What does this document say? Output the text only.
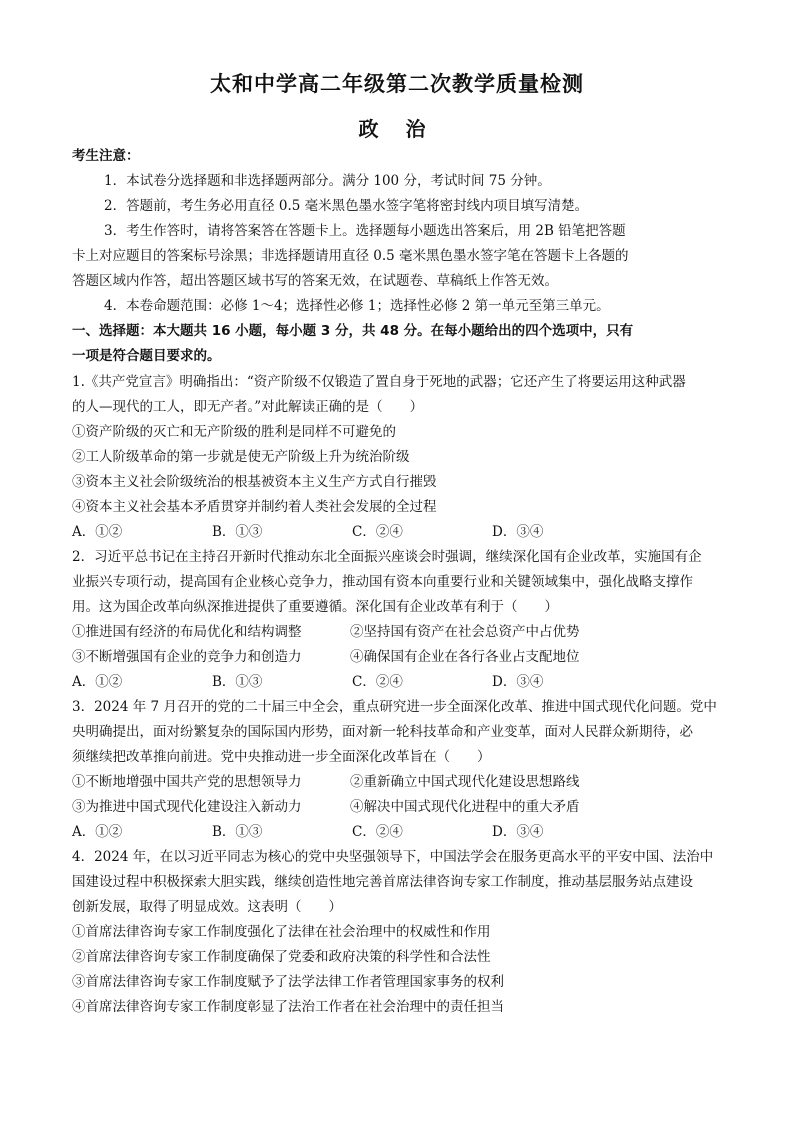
太和中学高二年级第二次教学质量检测
政 治
考生注意：
1．本试卷分选择题和非选择题两部分。满分 100 分，考试时间 75 分钟。
2．答题前，考生务必用直径 0.5 毫米黑色墨水签字笔将密封线内项目填写清楚。
3．考生作答时，请将答案答在答题卡上。选择题每小题选出答案后，用 2B 铅笔把答题
卡上对应题目的答案标号涂黑；非选择题请用直径 0.5 毫米黑色墨水签字笔在答题卡上各题的
答题区域内作答，超出答题区域书写的答案无效，在试题卷、草稿纸上作答无效。
4．本卷命题范围：必修 1～4；选择性必修 1；选择性必修 2 第一单元至第三单元。
一、选择题：本大题共 16 小题，每小题 3 分，共 48 分。在每小题给出的四个选项中，只有
一项是符合题目要求的。
1.《共产党宣言》明确指出：“资产阶级不仅锻造了置自身于死地的武器；它还产生了将要运用这种武器
的人—现代的工人，即无产者。”对此解读正确的是（　　）
①资产阶级的灭亡和无产阶级的胜利是同样不可避免的
②工人阶级革命的第一步就是使无产阶级上升为统治阶级
③资本主义社会阶级统治的根基被资本主义生产方式自行摧毁
④资本主义社会基本矛盾贯穿并制约着人类社会发展的全过程
A．①②	B．①③	C．②④	D．③④
2．习近平总书记在主持召开新时代推动东北全面振兴座谈会时强调，继续深化国有企业改革，实施国有企
业振兴专项行动，提高国有企业核心竞争力，推动国有资本向重要行业和关键领域集中，强化战略支撑作
用。这为国企改革向纵深推进提供了重要遵循。深化国有企业改革有利于（　　）
①推进国有经济的布局优化和结构调整	②坚持国有资产在社会总资产中占优势
③不断增强国有企业的竞争力和创造力	④确保国有企业在各行各业占支配地位
A．①②	B．①③	C．②④	D．③④
3．2024 年 7 月召开的党的二十届三中全会，重点研究进一步全面深化改革、推进中国式现代化问题。党中
央明确提出，面对纷繁复杂的国际国内形势，面对新一轮科技革命和产业变革，面对人民群众新期待，必
须继续把改革推向前进。党中央推动进一步全面深化改革旨在（　　）
①不断地增强中国共产党的思想领导力	②重新确立中国式现代化建设思想路线
③为推进中国式现代化建设注入新动力	④解决中国式现代化进程中的重大矛盾
A．①②	B．①③	C．②④	D．③④
4．2024 年，在以习近平同志为核心的党中央坚强领导下，中国法学会在服务更高水平的平安中国、法治中
国建设过程中积极探索大胆实践，继续创造性地完善首席法律咨询专家工作制度，推动基层服务站点建设
创新发展，取得了明显成效。这表明（　　）
①首席法律咨询专家工作制度强化了法律在社会治理中的权威性和作用
②首席法律咨询专家工作制度确保了党委和政府决策的科学性和合法性
③首席法律咨询专家工作制度赋予了法学法律工作者管理国家事务的权利
④首席法律咨询专家工作制度彰显了法治工作者在社会治理中的责任担当
